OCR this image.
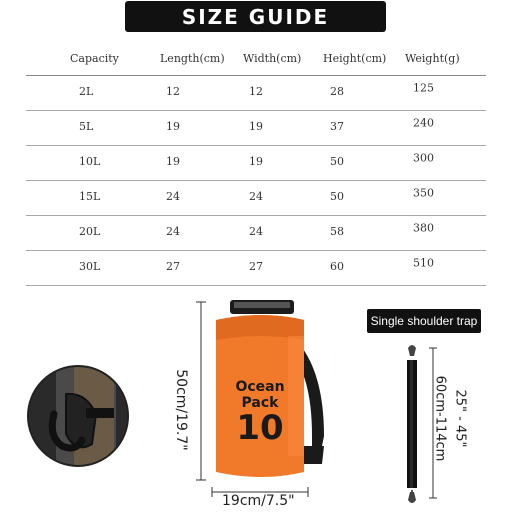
SIZE GUIDE
Capacity	Length(cm) Width(cm) Height(cm) Weight(g)
2L	12	12	28	125
5L	19	19	37	240
10L	19	19	50	300
15L	24	24	50	350
20L	24	24	58	380
30L	27	27	60	510
50cm/19.7"	Ocean
Pack
10
19cm/7.5"
Single shoulder trap
60cm-114cm 25" - 45"
